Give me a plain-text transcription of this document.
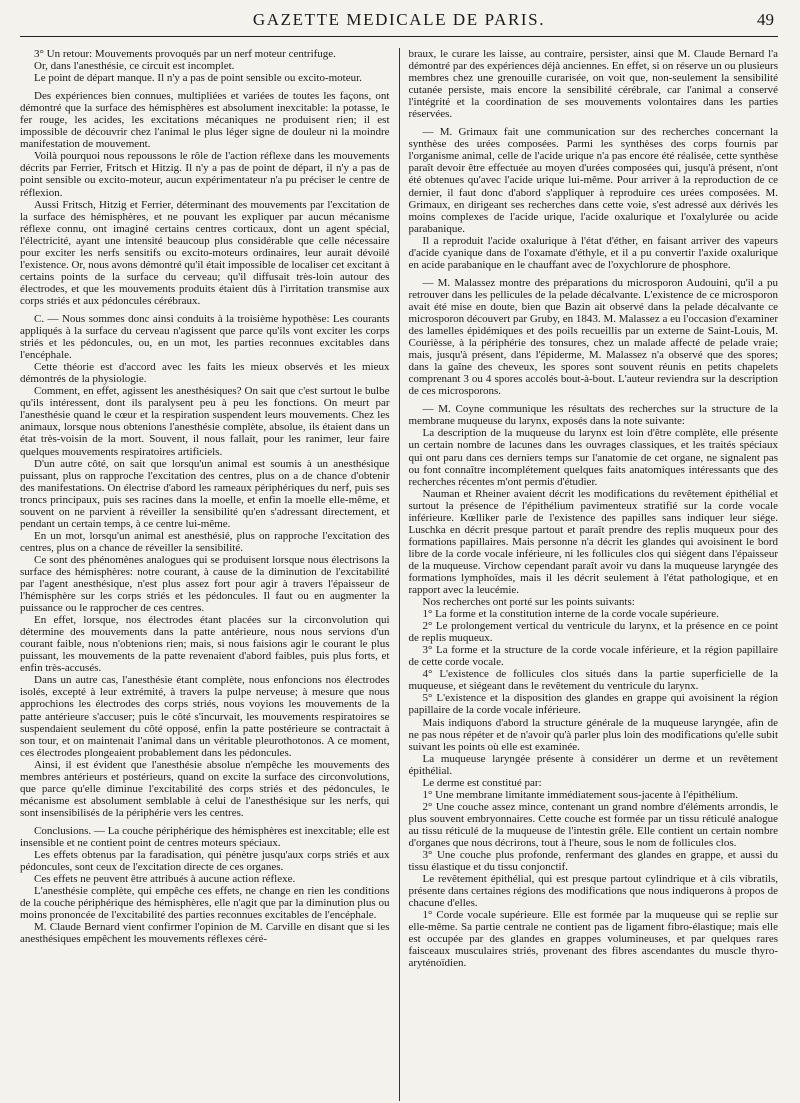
GAZETTE MEDICALE DE PARIS.	49

3° Un retour: Mouvements provoqués par un nerf moteur centrifuge.

Or, dans l'anesthésie, ce circuit est incomplet.

Le point de départ manque. Il n'y a pas de point sensible ou excito-moteur.

Des expériences bien connues, multipliées et variées de toutes les façons, ont démontré que la surface des hémisphères est absolument inexcitable: la potasse, le fer rouge, les acides, les excitations mécaniques ne produisent rien; il est impossible de découvrir chez l'animal le plus léger signe de douleur ni la moindre manifestation de mouvement.

Voilà pourquoi nous repoussons le rôle de l'action réflexe dans les mouvements décrits par Ferrier, Fritsch et Hitzig. Il n'y a pas de point de départ, il n'y a pas de point sensible ou excito-moteur, aucun expérimentateur n'a pu préciser le centre de réflexion.

Aussi Fritsch, Hitzig et Ferrier, déterminant des mouvements par l'excitation de la surface des hémisphères, et ne pouvant les expliquer par aucun mécanisme réflexe connu, ont imaginé certains centres corticaux, dont un agent spécial, l'électricité, ayant une intensité beaucoup plus considérable que celle nécessaire pour exciter les nerfs sensitifs ou excito-moteurs ordinaires, leur aurait dévoilé l'existence. Or, nous avons démontré qu'il était impossible de localiser cet excitant à certains points de la surface du cerveau; qu'il diffusait très-loin autour des électrodes, et que les mouvements produits étaient dûs à l'irritation transmise aux corps striés et aux pédoncules cérébraux.

C. — Nous sommes donc ainsi conduits à la troisième hypothèse: Les courants appliqués à la surface du cerveau n'agissent que parce qu'ils vont exciter les corps striés et les pédoncules, ou, en un mot, les parties reconnues excitables dans l'encéphale.

Cette théorie est d'accord avec les faits les mieux observés et les mieux démontrés de la physiologie.

Comment, en effet, agissent les anesthésiques? On sait que c'est surtout le bulbe qu'ils intéressent, dont ils paralysent peu à peu les fonctions. On meurt par l'anesthésie quand le cœur et la respiration suspendent leurs mouvements. Chez les animaux, lorsque nous obtenions l'anesthésie complète, absolue, ils étaient dans un état très-voisin de la mort. Souvent, il nous fallait, pour les ranimer, leur faire quelques mouvements respiratoires artificiels.

D'un autre côté, on sait que lorsqu'un animal est soumis à un anesthésique puissant, plus on rapproche l'excitation des centres, plus on a de chance d'obtenir des manifestations. On électrise d'abord les rameaux périphériques du nerf, puis ses troncs principaux, puis ses racines dans la moelle, et enfin la moelle elle-même, et souvent on ne parvient à réveiller la sensibilité qu'en s'adressant directement, et pendant un certain temps, à ce centre lui-même.

En un mot, lorsqu'un animal est anesthésié, plus on rapproche l'excitation des centres, plus on a chance de réveiller la sensibilité.

Ce sont des phénomènes analogues qui se produisent lorsque nous électrisons la surface des hémisphères: notre courant, à cause de la diminution de l'excitabilité par l'agent anesthésique, n'est plus assez fort pour agir à travers l'épaisseur de l'hémisphère sur les corps striés et les pédoncules. Il faut ou en augmenter la puissance ou le rapprocher de ces centres.

En effet, lorsque, nos électrodes étant placées sur la circonvolution qui détermine des mouvements dans la patte antérieure, nous nous servions d'un courant faible, nous n'obtenions rien; mais, si nous faisions agir le courant le plus puissant, les mouvements de la patte revenaient d'abord faibles, puis plus forts, et enfin très-accusés.

Dans un autre cas, l'anesthésie étant complète, nous enfoncions nos électrodes isolés, excepté à leur extrémité, à travers la pulpe nerveuse; à mesure que nous approchions les électrodes des corps striés, nous voyions les mouvements de la patte antérieure s'accuser; puis le côté s'incurvait, les mouvements respiratoires se suspendaient seulement du côté opposé, enfin la patte postérieure se contractait à son tour, et on maintenait l'animal dans un véritable pleurothotonos. A ce moment, ces électrodes plongeaient probablement dans les pédoncules.

Ainsi, il est évident que l'anesthésie absolue n'empêche les mouvements des membres antérieurs et postérieurs, quand on excite la surface des circonvolutions, que parce qu'elle diminue l'excitabilité des corps striés et des pédoncules, le mécanisme est absolument semblable à celui de l'anesthésique sur les nerfs, qui sont insensibilisés de la périphérie vers les centres.

Conclusions. — La couche périphérique des hémisphères est inexcitable; elle est insensible et ne contient point de centres moteurs spéciaux.

Les effets obtenus par la faradisation, qui pénètre jusqu'aux corps striés et aux pédoncules, sont ceux de l'excitation directe de ces organes.

Ces effets ne peuvent être attribués à aucune action réflexe.

L'anesthésie complète, qui empêche ces effets, ne change en rien les conditions de la couche périphérique des hémisphères, elle n'agit que par la diminution plus ou moins prononcée de l'excitabilité des parties reconnues excitables de l'encéphale.

M. Claude Bernard vient confirmer l'opinion de M. Carville en disant que si les anesthésiques empêchent les mouvements réflexes céré-

braux, le curare les laisse, au contraire, persister, ainsi que M. Claude Bernard l'a démontré par des expériences déjà anciennes. En effet, si on réserve un ou plusieurs membres chez une grenouille curarisée, on voit que, non-seulement la sensibilité cutanée persiste, mais encore la sensibilité cérébrale, car l'animal a conservé l'intégrité et la coordination de ses mouvements volontaires dans les parties réservées.

— M. Grimaux fait une communication sur des recherches concernant la synthèse des urées composées. Parmi les synthèses des corps fournis par l'organisme animal, celle de l'acide urique n'a pas encore été réalisée, cette synthèse paraît devoir être effectuée au moyen d'urées composées qui, jusqu'à présent, n'ont été obtenues qu'avec l'acide urique lui-même. Pour arriver à la reproduction de ce dernier, il faut donc d'abord s'appliquer à reproduire ces urées composées. M. Grimaux, en dirigeant ses recherches dans cette voie, s'est adressé aux dérivés les moins complexes de l'acide urique, l'acide oxalurique et l'oxalylurée ou acide parabanique.

Il a reproduit l'acide oxalurique à l'état d'éther, en faisant arriver des vapeurs d'acide cyanique dans de l'oxamate d'éthyle, et il a pu convertir l'axide oxalurique en acide parabanique en le chauffant avec de l'oxychlorure de phosphore.

— M. Malassez montre des préparations du microsporon Audouini, qu'il a pu retrouver dans les pellicules de la pelade décalvante. L'existence de ce microsporon avait été mise en doute, bien que Bazin ait observé dans la pelade décalvante ce microsporon découvert par Gruby, en 1843. M. Malassez a eu l'occasion d'examiner des lamelles épidémiques et des poils recueillis par un externe de Saint-Louis, M. Courièsse, à la périphérie des tonsures, chez un malade affecté de pelade vraie; mais, jusqu'à présent, dans l'épiderme, M. Malassez n'a observé que des spores; dans la gaîne des cheveux, les spores sont souvent réunis en petits chapelets comprenant 3 ou 4 spores accolés bout-à-bout. L'auteur reviendra sur la description de ces microsporons.

— M. Coyne communique les résultats des recherches sur la structure de la membrane muqueuse du larynx, exposés dans la note suivante:

La description de la muqueuse du larynx est loin d'être complète, elle présente un certain nombre de lacunes dans les ouvrages classiques, et les traités spéciaux qui ont paru dans ces derniers temps sur l'anatomie de cet organe, ne signalent pas ou font connaître incomplétement quelques faits anatomiques intéressants que des recherches récentes m'ont permis d'étudier.

Nauman et Rheiner avaient décrit les modifications du revêtement épithélial et surtout la présence de l'épithélium pavimenteux stratifié sur la corde vocale inférieure. Kœlliker parle de l'existence des papilles sans indiquer leur siége. Luschka en décrit presque partout et paraît prendre des replis muqueux pour des formations papillaires. Mais personne n'a décrit les glandes qui avoisinent le bord libre de la corde vocale inférieure, ni les follicules clos qui siégent dans l'épaisseur de la muqueuse. Virchow cependant paraît avoir vu dans la muqueuse laryngée des formations lymphoïdes, mais il les décrit seulement à l'état pathologique, et en rapport avec la leucémie.

Nos recherches ont porté sur les points suivants:

1° La forme et la constitution interne de la corde vocale supérieure.

2° Le prolongement vertical du ventricule du larynx, et la présence en ce point de replis muqueux.

3° La forme et la structure de la corde vocale inférieure, et la région papillaire de cette corde vocale.

4° L'existence de follicules clos situés dans la partie superficielle de la muqueuse, et siégeant dans le revêtement du ventricule du larynx.

5° L'existence et la disposition des glandes en grappe qui avoisinent la région papillaire de la corde vocale inférieure.

Mais indiquons d'abord la structure générale de la muqueuse laryngée, afin de ne pas nous répéter et de n'avoir qu'à parler plus loin des modifications qu'elle subit suivant les points où elle est examinée.

La muqueuse laryngée présente à considérer un derme et un revêtement épithélial.

Le derme est constitué par:

1° Une membrane limitante immédiatement sous-jacente à l'épithélium.

2° Une couche assez mince, contenant un grand nombre d'éléments arrondis, le plus souvent embryonnaires. Cette couche est formée par un tissu réticulé analogue au tissu réticulé de la muqueuse de l'intestin grêle. Elle contient un certain nombre d'organes que nous décrirons, tout à l'heure, sous le nom de follicules clos.

3° Une couche plus profonde, renfermant des glandes en grappe, et aussi du tissu élastique et du tissu conjonctif.

Le revêtement épithélial, qui est presque partout cylindrique et à cils vibratils, présente dans certaines régions des modifications que nous indiquerons à propos de chacune d'elles.

1° Corde vocale supérieure. Elle est formée par la muqueuse qui se replie sur elle-même. Sa partie centrale ne contient pas de ligament fibro-élastique; mais elle est occupée par des glandes en grappes volumineuses, et par quelques rares faisceaux musculaires striés, provenant des fibres ascendantes du muscle thyro-aryténoïdien.
